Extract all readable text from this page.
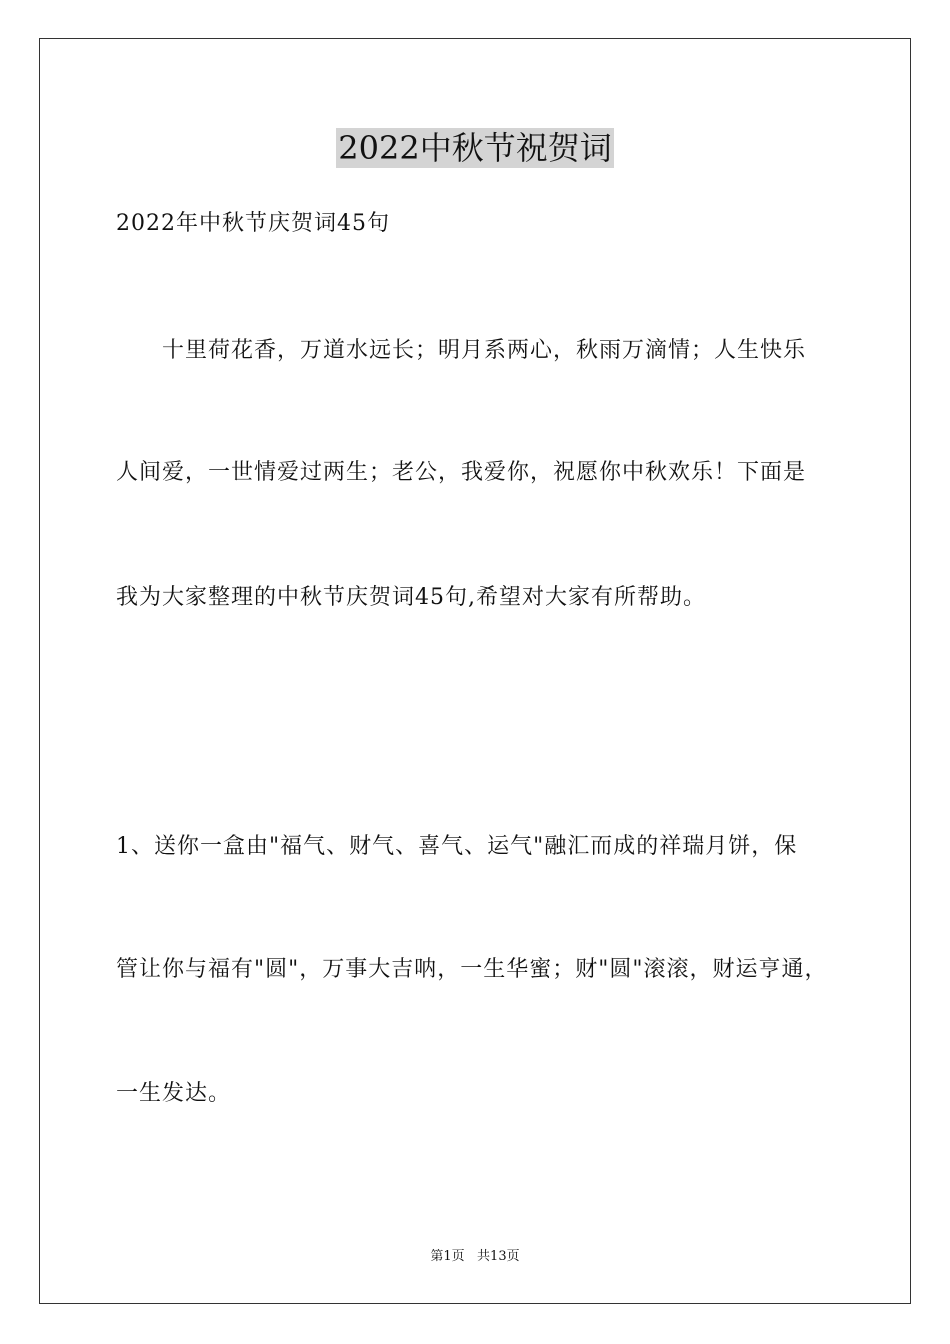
2022中秋节祝贺词
2022年中秋节庆贺词45句
十里荷花香，万道水远长；明月系两心，秋雨万滴情；人生快乐
人间爱，一世情爱过两生；老公，我爱你，祝愿你中秋欢乐！下面是
我为大家整理的中秋节庆贺词45句,希望对大家有所帮助。
1、送你一盒由"福气、财气、喜气、运气"融汇而成的祥瑞月饼，保
管让你与福有"圆"，万事大吉呐，一生华蜜；财"圆"滚滚，财运亨通，
一生发达。
第1页   共13页
